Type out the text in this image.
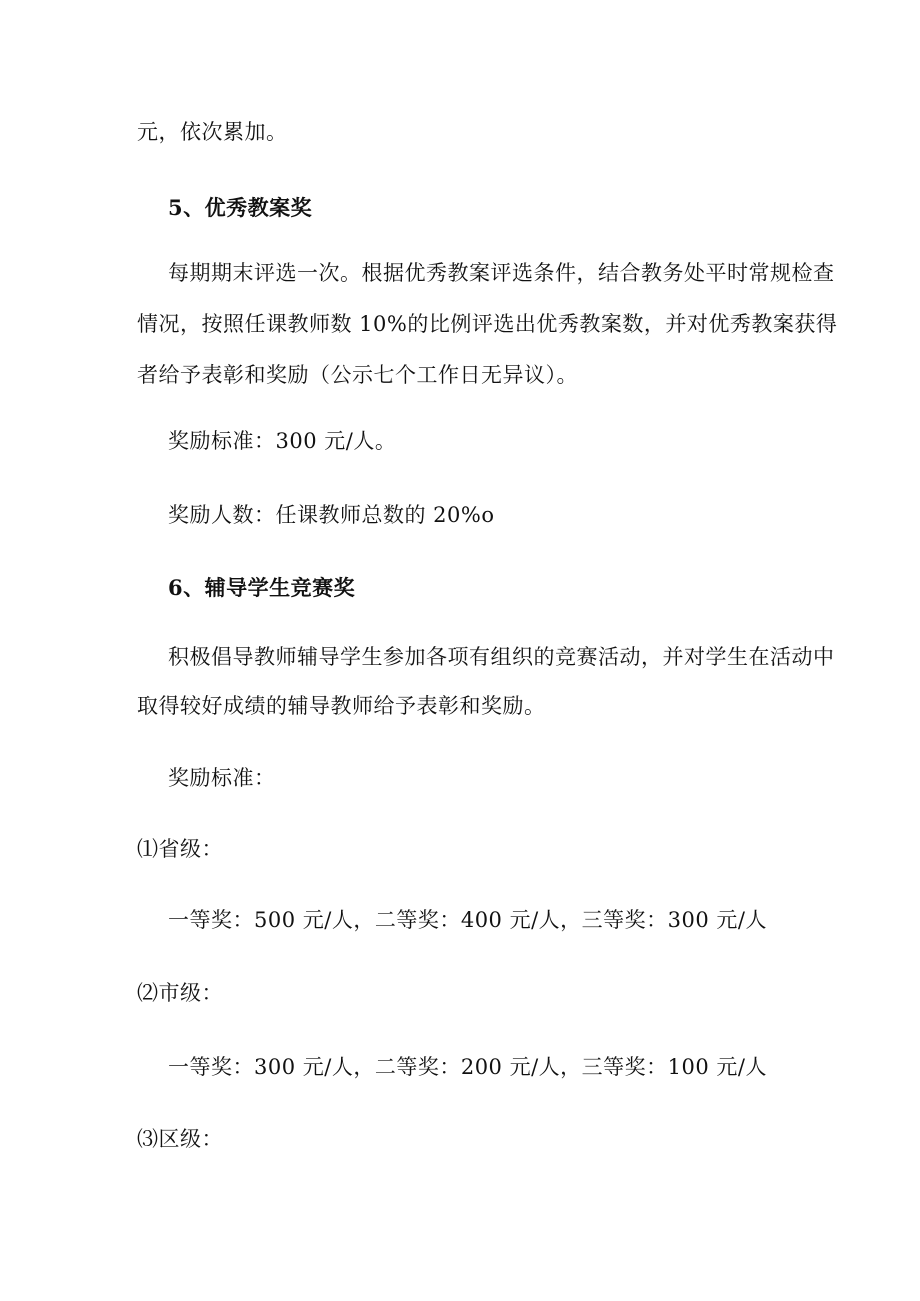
元，依次累加。
5、优秀教案奖
每期期末评选一次。根据优秀教案评选条件，结合教务处平时常规检查
情况，按照任课教师数 10%的比例评选出优秀教案数，并对优秀教案获得
者给予表彰和奖励（公示七个工作日无异议）。
奖励标准：300 元/人。
奖励人数：任课教师总数的 20%o
6、辅导学生竞赛奖
积极倡导教师辅导学生参加各项有组织的竞赛活动，并对学生在活动中
取得较好成绩的辅导教师给予表彰和奖励。
奖励标准：
⑴省级：
一等奖：500 元/人，二等奖：400 元/人，三等奖：300 元/人
⑵市级：
一等奖：300 元/人，二等奖：200 元/人，三等奖：100 元/人
⑶区级：
